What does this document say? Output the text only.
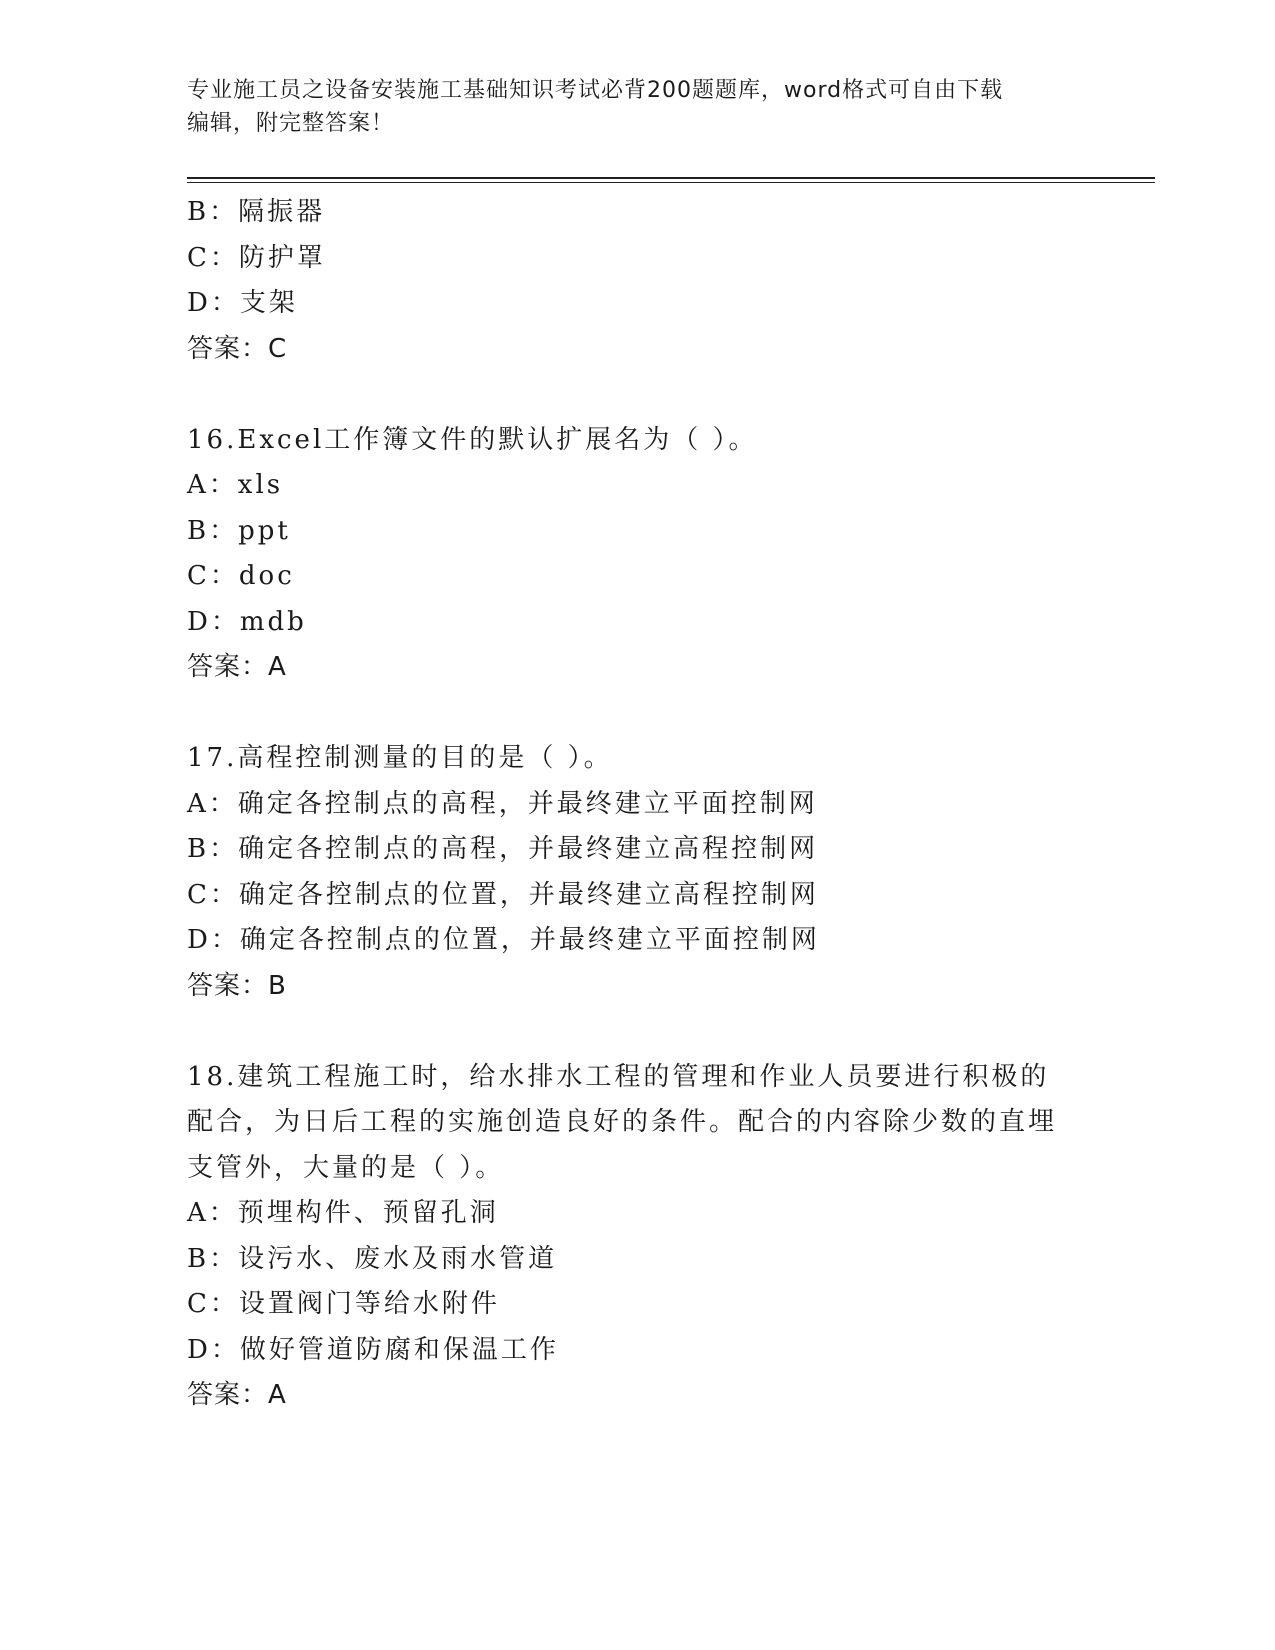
专业施工员之设备安装施工基础知识考试必背200题题库，word格式可自由下载
编辑，附完整答案！
B：隔振器
C：防护罩
D：支架
答案：C
16.Excel工作簿文件的默认扩展名为（ ）。
A：xls
B：ppt
C：doc
D：mdb
答案：A
17.高程控制测量的目的是（ ）。
A：确定各控制点的高程，并最终建立平面控制网
B：确定各控制点的高程，并最终建立高程控制网
C：确定各控制点的位置，并最终建立高程控制网
D：确定各控制点的位置，并最终建立平面控制网
答案：B
18.建筑工程施工时，给水排水工程的管理和作业人员要进行积极的配合，为日后工程的实施创造良好的条件。配合的内容除少数的直埋支管外，大量的是（ ）。
A：预埋构件、预留孔洞
B：设污水、废水及雨水管道
C：设置阀门等给水附件
D：做好管道防腐和保温工作
答案：A
